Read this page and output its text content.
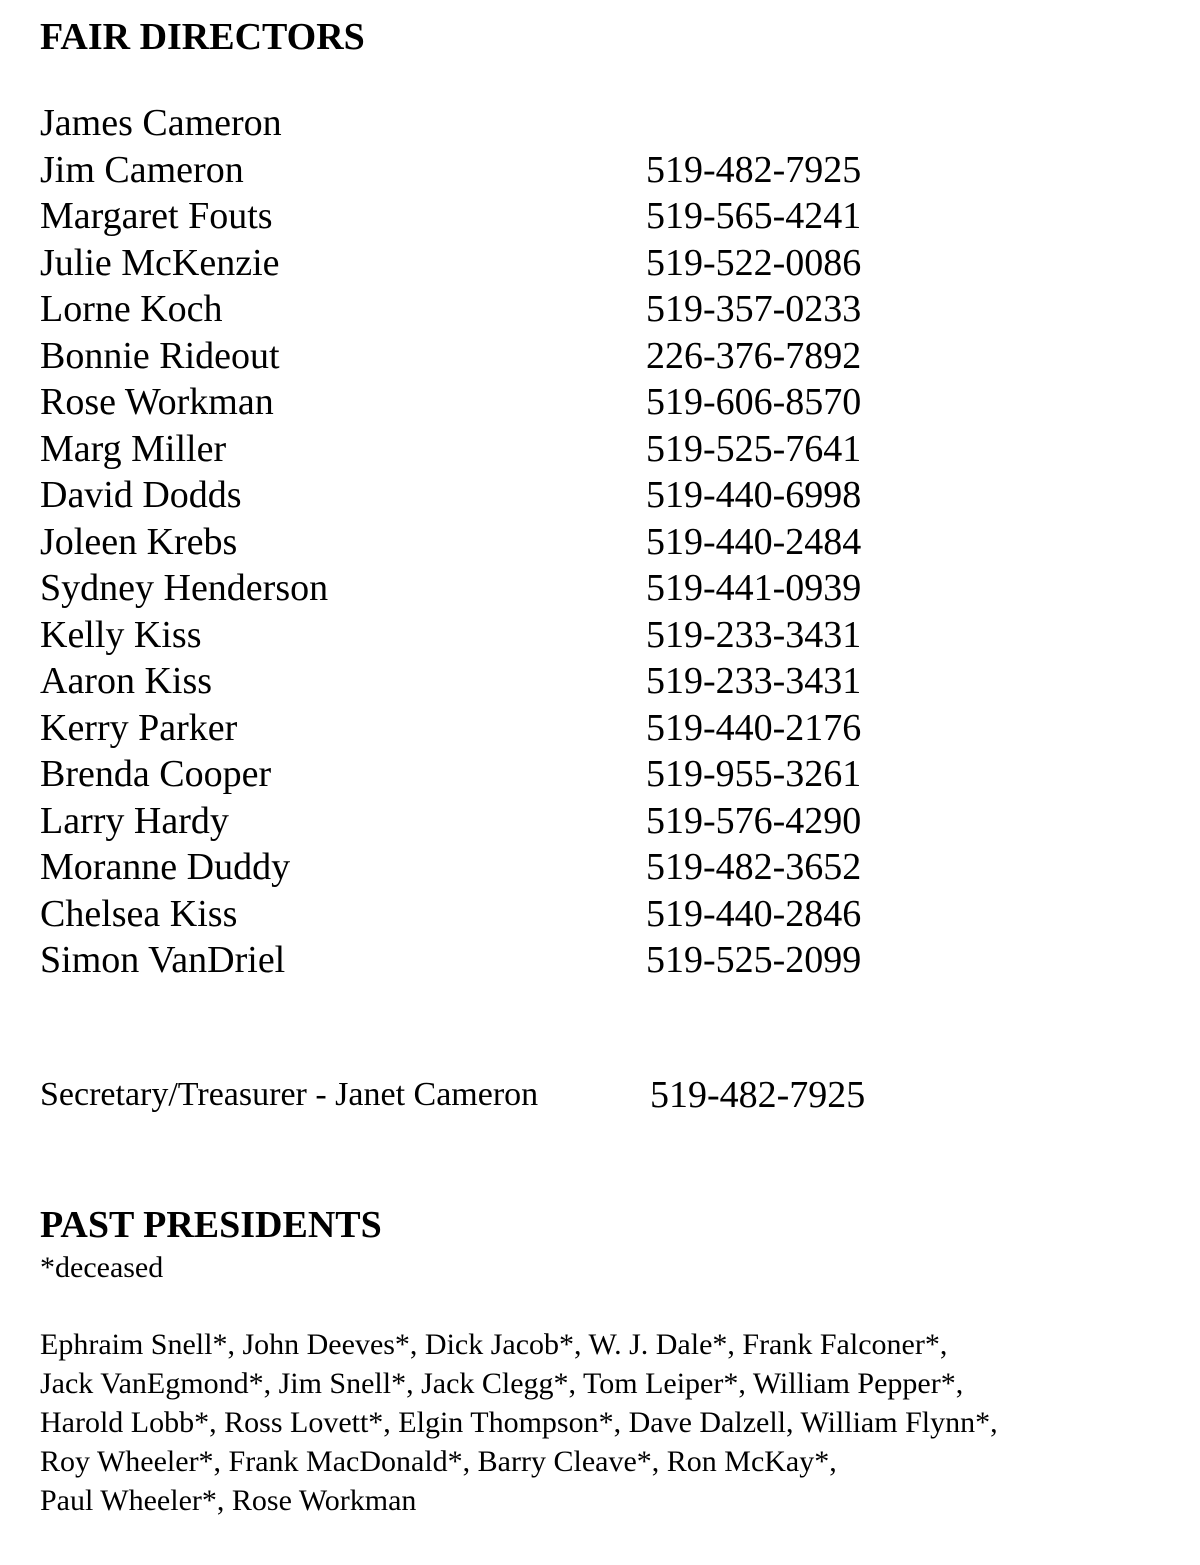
FAIR DIRECTORS
James Cameron
Jim Cameron	519-482-7925
Margaret Fouts	519-565-4241
Julie McKenzie	519-522-0086
Lorne Koch	519-357-0233
Bonnie Rideout	226-376-7892
Rose Workman	519-606-8570
Marg Miller	519-525-7641
David Dodds	519-440-6998
Joleen Krebs	519-440-2484
Sydney Henderson	519-441-0939
Kelly Kiss	519-233-3431
Aaron Kiss	519-233-3431
Kerry Parker	519-440-2176
Brenda Cooper	519-955-3261
Larry Hardy	519-576-4290
Moranne Duddy	519-482-3652
Chelsea Kiss	519-440-2846
Simon VanDriel	519-525-2099
Secretary/Treasurer - Janet Cameron	519-482-7925
PAST PRESIDENTS
*deceased
Ephraim Snell*, John Deeves*, Dick Jacob*, W. J. Dale*, Frank Falconer*,
Jack VanEgmond*, Jim Snell*, Jack Clegg*, Tom Leiper*, William Pepper*,
Harold Lobb*, Ross Lovett*, Elgin Thompson*, Dave Dalzell, William Flynn*,
Roy Wheeler*, Frank MacDonald*, Barry Cleave*, Ron McKay*,
Paul Wheeler*, Rose Workman
